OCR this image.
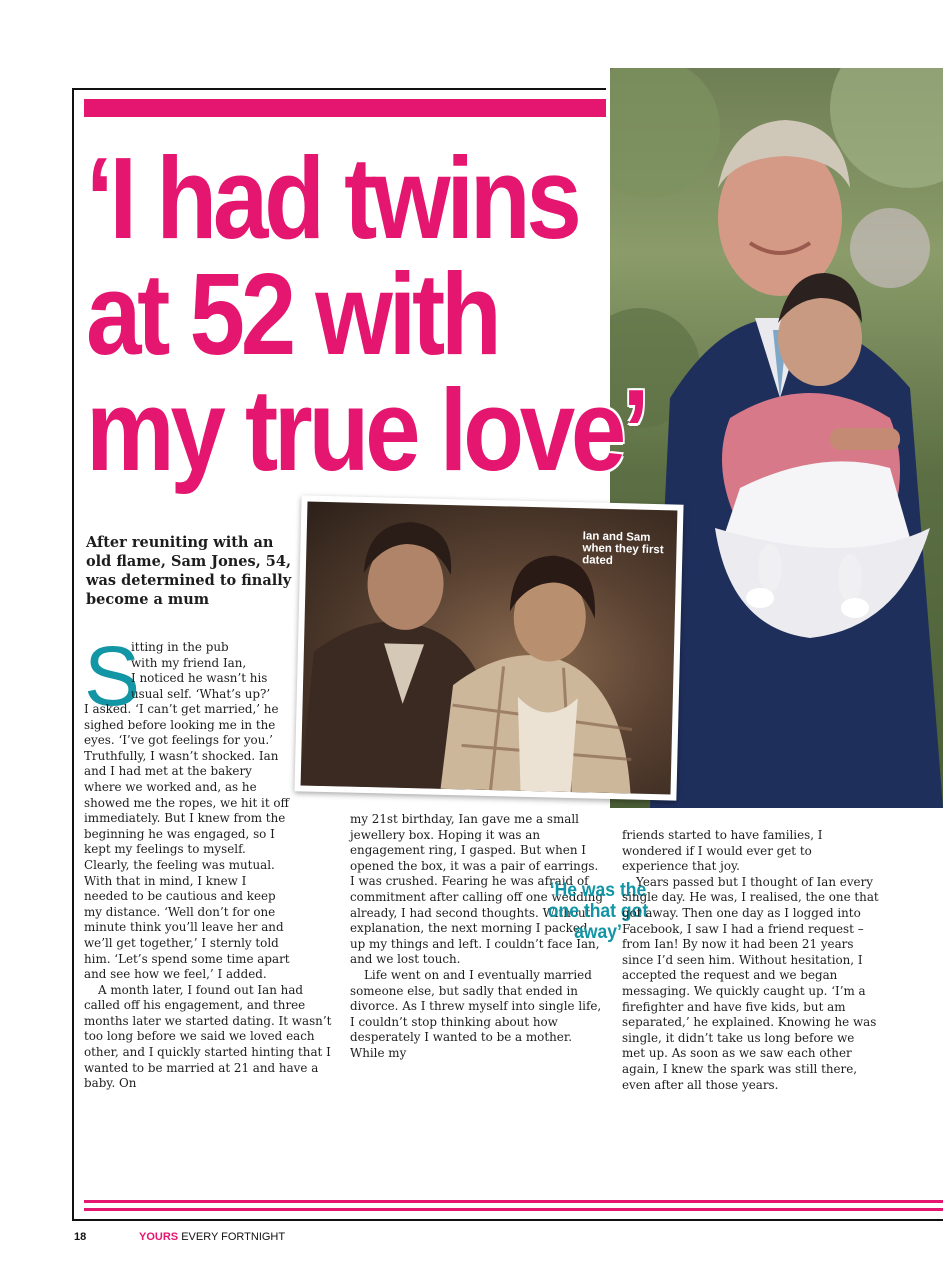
‘I had twins
at 52 with
my true love’
Ian and Sam when they first dated

After reuniting with an old flame, Sam Jones, 54, was determined to finally become a mum

S
itting in the pub
with my friend Ian,
I noticed he wasn’t his
usual self. ‘What’s up?’

I asked. ‘I can’t get married,’ he sighed before looking me in the eyes. ‘I’ve got feelings for you.’ Truthfully, I wasn’t shocked. Ian and I had met at the bakery where we worked and, as he showed me the ropes, we hit it off immediately. But I knew from the beginning he was engaged, so I kept my feelings to myself. Clearly, the feeling was mutual. With that in mind, I knew I needed to be cautious and keep my distance. ‘Well don’t for one minute think you’ll leave her and we’ll get together,’ I sternly told him. ‘Let’s spend some time apart and see how we feel,’ I added.

A month later, I found out Ian had called off his engagement, and three months later we started dating. It wasn’t too long before we said we loved each other, and I quickly started hinting that I wanted to be married at 21 and have a baby. On

my 21st birthday, Ian gave me a small jewellery box. Hoping it was an engagement ring, I gasped. But when I opened the box, it was a pair of earrings. I was crushed. Fearing he was afraid of commitment after calling off one wedding already, I had second thoughts. Without explanation, the next morning I packed up my things and left. I couldn’t face Ian, and we lost touch.

Life went on and I eventually married someone else, but sadly that ended in divorce. As I threw myself into single life, I couldn’t stop thinking about how desperately I wanted to be a mother. While my

‘He was the one that got away’

friends started to have families, I wondered if I would ever get to experience that joy.

Years passed but I thought of Ian every single day. He was, I realised, the one that got away. Then one day as I logged into Facebook, I saw I had a friend request – from Ian! By now it had been 21 years since I’d seen him. Without hesitation, I accepted the request and we began messaging. We quickly caught up. ‘I’m a firefighter and have five kids, but am separated,’ he explained. Knowing he was single, it didn’t take us long before we met up. As soon as we saw each other again, I knew the spark was still there, even after all those years.

18	YOURS EVERY FORTNIGHT
